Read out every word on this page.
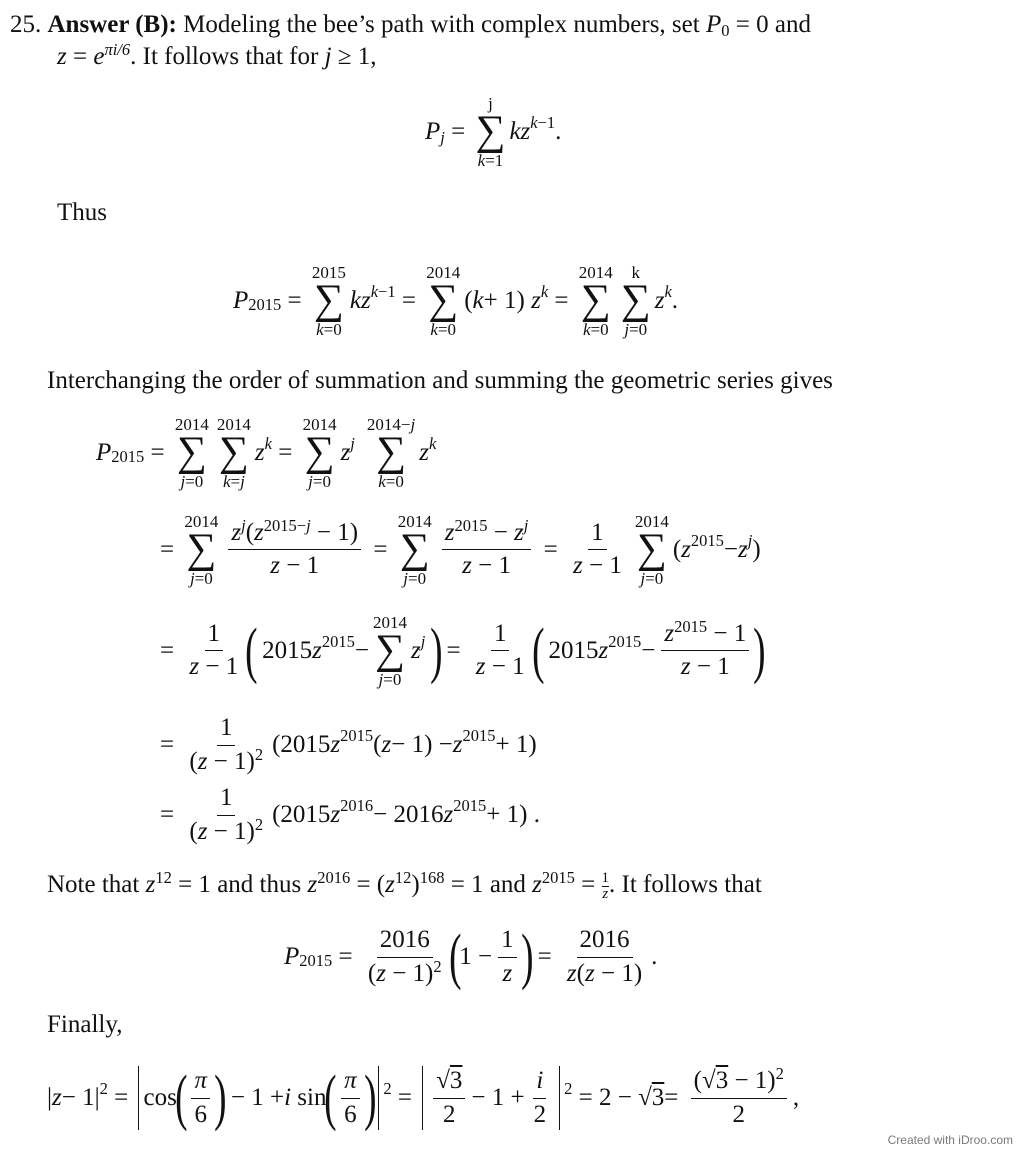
25. Answer (B): Modeling the bee’s path with complex numbers, set $P_0 = 0$ and
$z = e^{\pi i/6}$. It follows that for j ≥ 1,
$P_j$ =
j
∑
k=1
kz $^{k-1}$ .
Thus
$P_{2015}$ =
2015
∑
k=0
kz $^{k-1}$ =
2014
∑
k=0
( k + 1) z $^k$ =
2014
∑
k=0
k
∑
j=0
z $^k$ .
Interchanging the order of summation and summing the geometric series gives
$P_{2015}$ =
2014
∑
j=0
2014
∑
k=j
z $^k$ =
2014
∑
j=0
z $^j$
2014−j
∑
k=0
z $^k$
=
2014
∑
$j=0 \frac{z^j(z^{2015-j} - 1)}{z - 1}$ =
2014
∑
$j=0 \frac{z^{2015} - z^j}{z - 1} = \frac{1}{z - 1} 2014$
∑
j=0
( $z^{2015} - z$ $^j$ )
= $\frac{1}{z - 1}$ (
2015 $z^{2015}$ −
2014
∑
j=0
z $^j$
)
= $\frac{1}{z - 1}$ (
2015 $z^{2015} - \frac{z^{2015} - 1}{z - 1}$ )
= $\frac{1}{(z - 1)^2} (2015$ $z^{2015}$ ( $z - 1) - z^{2015} + 1$)
= $\frac{1}{(z - 1)^2} (2015$ $z^{2016} - 2016$ $z^{2015} + 1$) .
Note that $z^{12} = 1$ and thus $z^{2016} = (z^{12})^{168} = 1$ and $z^{2015} = \frac{1}{z}$ . It follows that
$P_{2015} = \frac{2016}{(z - 1)^2}$ (
$1 - \frac{1}{z}$ )
= $\frac{2016}{z(z - 1)}$ .
Finally,
| $z - 1|^2$ =
cos
( $\frac{\pi}{6}$ )
− 1 + i sin
( $\frac{\pi}{6}$ ) $^2 = \frac{√3}{2} - 1 + \frac{i}{2} ^2 = 2$ − √ $3 = \frac{(√3 - 1)^2}{2}$ ,
Created with iDroo.com
